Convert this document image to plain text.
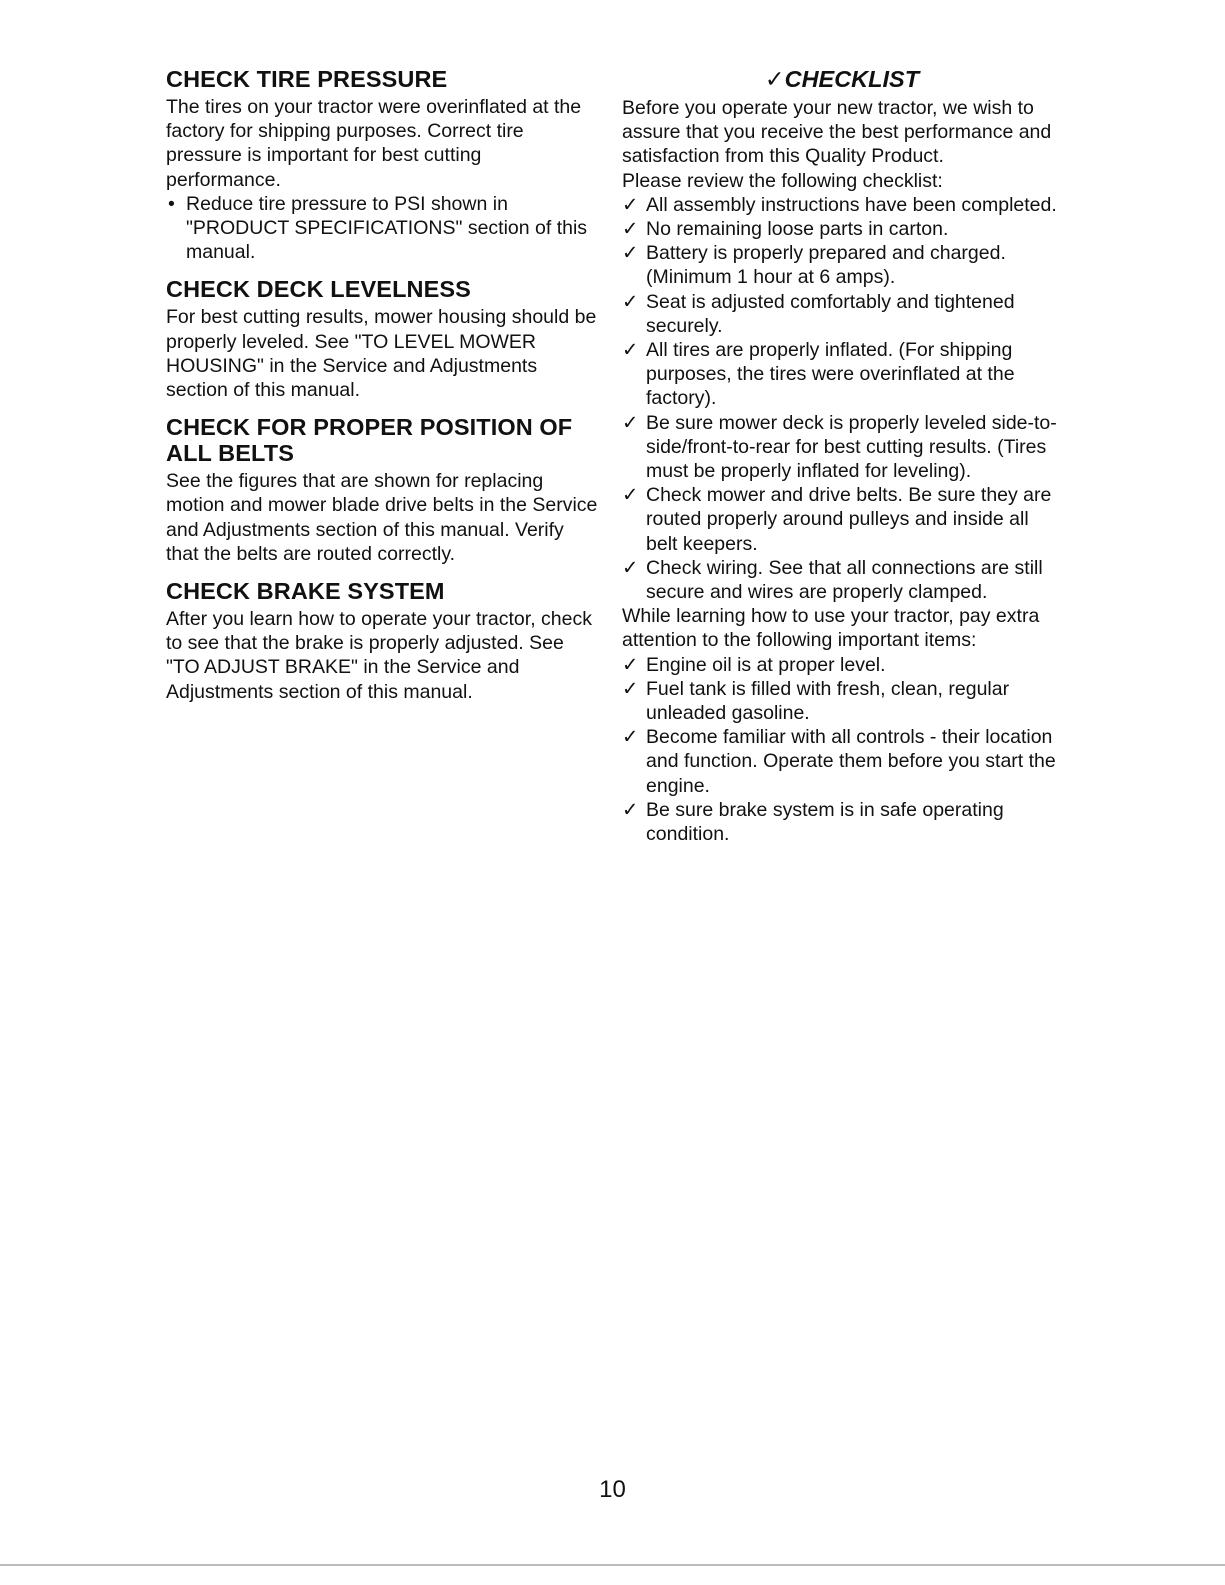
CHECK TIRE PRESSURE

The tires on your tractor were overinflated at the factory for shipping purposes. Correct tire pressure is important for best cutting performance.

• Reduce tire pressure to PSI shown in "PRODUCT SPECIFICATIONS" section of this manual.
CHECK DECK LEVELNESS

For best cutting results, mower housing should be properly leveled. See "TO LEVEL MOWER HOUSING" in the Service and Adjustments section of this manual.

CHECK FOR PROPER POSITION OF ALL BELTS

See the figures that are shown for replacing motion and mower blade drive belts in the Service and Adjustments section of this manual. Verify that the belts are routed correctly.

CHECK BRAKE SYSTEM

After you learn how to operate your tractor, check to see that the brake is properly adjusted. See "TO ADJUST BRAKE" in the Service and Adjustments section of this manual.

✓CHECKLIST

Before you operate your new tractor, we wish to assure that you receive the best performance and satisfaction from this Quality Product.

Please review the following checklist:

✓ All assembly instructions have been completed.
✓ No remaining loose parts in carton.
✓ Battery is properly prepared and charged. (Minimum 1 hour at 6 amps).
✓ Seat is adjusted comfortably and tightened securely.
✓ All tires are properly inflated. (For shipping purposes, the tires were overinflated at the factory).
✓ Be sure mower deck is properly leveled side-to-side/front-to-rear for best cutting results. (Tires must be properly inflated for leveling).
✓ Check mower and drive belts. Be sure they are routed properly around pulleys and inside all belt keepers.
✓ Check wiring. See that all connections are still secure and wires are properly clamped.

While learning how to use your tractor, pay extra attention to the following important items:

✓ Engine oil is at proper level.
✓ Fuel tank is filled with fresh, clean, regular unleaded gasoline.
✓ Become familiar with all controls - their location and function. Operate them before you start the engine.
✓ Be sure brake system is in safe operating condition.
10
